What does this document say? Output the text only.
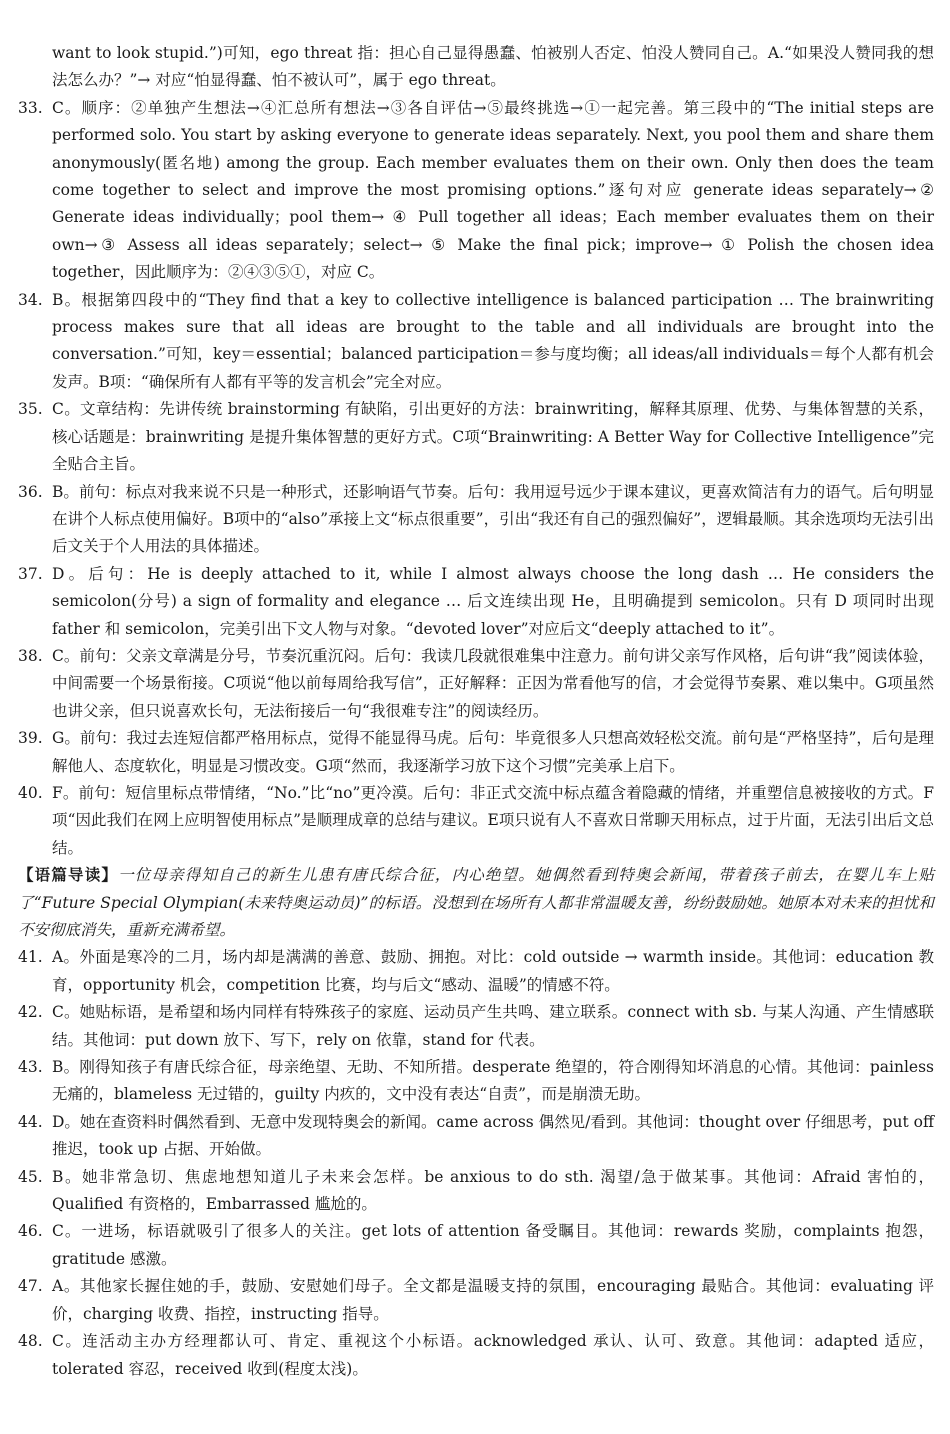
want to look stupid.”)可知，ego threat 指：担心自己显得愚蠢、怕被别人否定、怕没人赞同自己。A.“如果没人赞同我的想法怎么办？”→ 对应“怕显得蠢、怕不被认可”，属于 ego threat。
33. C。顺序：②单独产生想法→④汇总所有想法→③各自评估→⑤最终挑选→①一起完善。第三段中的“The initial steps are performed solo. You start by asking everyone to generate ideas separately. Next, you pool them and share them anonymously(匿名地) among the group. Each member evaluates them on their own. Only then does the team come together to select and improve the most promising options.”逐句对应 generate ideas separately→② Generate ideas individually；pool them→ ④ Pull together all ideas；Each member evaluates them on their own→③ Assess all ideas separately；select→ ⑤ Make the final pick；improve→ ① Polish the chosen idea together，因此顺序为：②④③⑤①，对应 C。
34. B。根据第四段中的“They find that a key to collective intelligence is balanced participation … The brainwriting process makes sure that all ideas are brought to the table and all individuals are brought into the conversation.”可知，key＝essential；balanced participation＝参与度均衡；all ideas/all individuals＝每个人都有机会发声。B项：“确保所有人都有平等的发言机会”完全对应。
35. C。文章结构：先讲传统 brainstorming 有缺陷，引出更好的方法：brainwriting，解释其原理、优势、与集体智慧的关系，核心话题是：brainwriting 是提升集体智慧的更好方式。C项“Brainwriting: A Better Way for Collective Intelligence”完全贴合主旨。
36. B。前句：标点对我来说不只是一种形式，还影响语气节奏。后句：我用逗号远少于课本建议，更喜欢简洁有力的语气。后句明显在讲个人标点使用偏好。B项中的“also”承接上文“标点很重要”，引出“我还有自己的强烈偏好”，逻辑最顺。其余选项均无法引出后文关于个人用法的具体描述。
37. D。后句：He is deeply attached to it, while I almost always choose the long dash … He considers the semicolon(分号) a sign of formality and elegance … 后文连续出现 He，且明确提到 semicolon。只有 D 项同时出现 father 和 semicolon，完美引出下文人物与对象。“devoted lover”对应后文“deeply attached to it”。
38. C。前句：父亲文章满是分号，节奏沉重沉闷。后句：我读几段就很难集中注意力。前句讲父亲写作风格，后句讲“我”阅读体验，中间需要一个场景衔接。C项说“他以前每周给我写信”，正好解释：正因为常看他写的信，才会觉得节奏累、难以集中。G项虽然也讲父亲，但只说喜欢长句，无法衔接后一句“我很难专注”的阅读经历。
39. G。前句：我过去连短信都严格用标点，觉得不能显得马虎。后句：毕竟很多人只想高效轻松交流。前句是“严格坚持”，后句是理解他人、态度软化，明显是习惯改变。G项“然而，我逐渐学习放下这个习惯”完美承上启下。
40. F。前句：短信里标点带情绪，“No.”比“no”更冷漠。后句：非正式交流中标点蕴含着隐藏的情绪，并重塑信息被接收的方式。F项“因此我们在网上应明智使用标点”是顺理成章的总结与建议。E项只说有人不喜欢日常聊天用标点，过于片面，无法引出后文总结。
【语篇导读】一位母亲得知自己的新生儿患有唐氏综合征，内心绝望。她偶然看到特奥会新闻，带着孩子前去，在婴儿车上贴了“Future Special Olympian(未来特奥运动员)”的标语。没想到在场所有人都非常温暖友善，纷纷鼓励她。她原本对未来的担忧和不安彻底消失，重新充满希望。
41. A。外面是寒冷的二月，场内却是满满的善意、鼓励、拥抱。对比：cold outside → warmth inside。其他词：education 教育，opportunity 机会，competition 比赛，均与后文“感动、温暖”的情感不符。
42. C。她贴标语，是希望和场内同样有特殊孩子的家庭、运动员产生共鸣、建立联系。connect with sb. 与某人沟通、产生情感联结。其他词：put down 放下、写下，rely on 依靠，stand for 代表。
43. B。刚得知孩子有唐氏综合征，母亲绝望、无助、不知所措。desperate 绝望的，符合刚得知坏消息的心情。其他词：painless 无痛的，blameless 无过错的，guilty 内疚的，文中没有表达“自责”，而是崩溃无助。
44. D。她在查资料时偶然看到、无意中发现特奥会的新闻。came across 偶然见/看到。其他词：thought over 仔细思考，put off 推迟，took up 占据、开始做。
45. B。她非常急切、焦虑地想知道儿子未来会怎样。be anxious to do sth. 渴望/急于做某事。其他词：Afraid 害怕的，Qualified 有资格的，Embarrassed 尴尬的。
46. C。一进场，标语就吸引了很多人的关注。get lots of attention 备受瞩目。其他词：rewards 奖励，complaints 抱怨，gratitude 感激。
47. A。其他家长握住她的手，鼓励、安慰她们母子。全文都是温暖支持的氛围，encouraging 最贴合。其他词：evaluating 评价，charging 收费、指控，instructing 指导。
48. C。连活动主办方经理都认可、肯定、重视这个小标语。acknowledged 承认、认可、致意。其他词：adapted 适应，tolerated 容忍，received 收到(程度太浅)。
